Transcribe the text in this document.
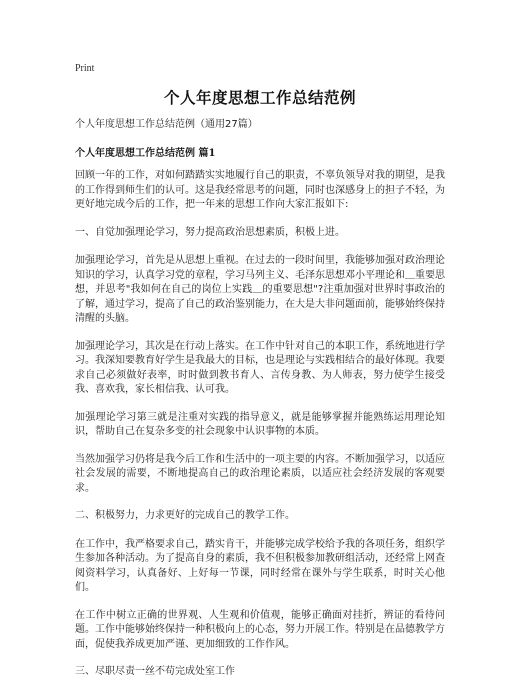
Print
个人年度思想工作总结范例

个人年度思想工作总结范例（通用27篇）

个人年度思想工作总结范例 篇1

回顾一年的工作，对如何踏踏实实地履行自己的职责，不辜负领导对我的期望，是我的工作得到师生们的认可。这是我经常思考的问题，同时也深感身上的担子不轻，为更好地完成今后的工作，把一年来的思想工作向大家汇报如下:

一、自觉加强理论学习，努力提高政治思想素质，积极上进。

加强理论学习，首先是从思想上重视。在过去的一段时间里，我能够加强对政治理论知识的学习，认真学习党的章程，学习马列主义、毛泽东思想邓小平理论和＿重要思想，并思考"我如何在自己的岗位上实践＿的重要思想"?注重加强对世界时事政治的了解，通过学习，提高了自己的政治鉴别能力，在大是大非问题面前，能够始终保持清醒的头脑。

加强理论学习，其次是在行动上落实。在工作中针对自己的本职工作，系统地进行学习。我深知要教育好学生是我最大的目标，也是理论与实践相结合的最好体现。我要求自己必须做好表率，时时做到教书育人、言传身教、为人师表，努力使学生接受我、喜欢我，家长相信我、认可我。

加强理论学习第三就是注重对实践的指导意义，就是能够掌握并能熟练运用理论知识，帮助自己在复杂多变的社会现象中认识事物的本质。

当然加强学习仍将是我今后工作和生活中的一项主要的内容。不断加强学习，以适应社会发展的需要，不断地提高自己的政治理论素质，以适应社会经济发展的客观要求。

二、积极努力，力求更好的完成自己的教学工作。

在工作中，我严格要求自己，踏实肯干，并能够完成学校给予我的各项任务，组织学生参加各种活动。为了提高自身的素质，我不但积极参加教研组活动，还经常上网查阅资料学习，认真备好、上好每一节课，同时经常在课外与学生联系，时时关心他们。

在工作中树立正确的世界观、人生观和价值观，能够正确面对挂折，辨证的看待问题。工作中能够始终保持一种积极向上的心态，努力开展工作。特别是在品德教学方面，促使我养成更加严谨、更加细致的工作作风。

三、尽职尽责一丝不苟完成处室工作
